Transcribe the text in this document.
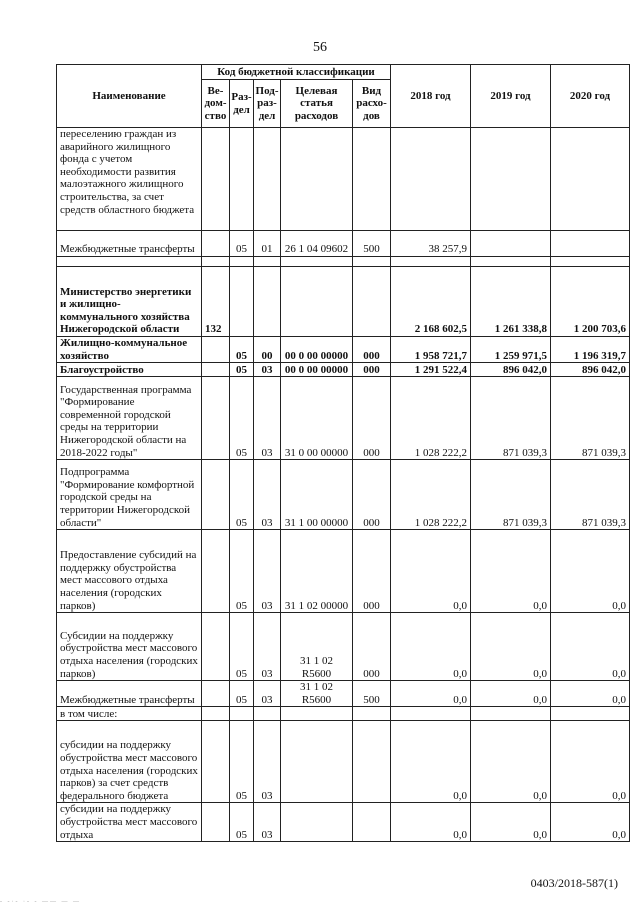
56
Наименование	Код бюджетной классификации					2018 год	2019 год	2020 год
	Ве-дом-ство	Раз-дел	Под-раз-дел	Целевая статья расходов	Вид расхо-дов			
переселению граждан из аварийного жилищного фонда с учетом необходимости развития малоэтажного жилищного строительства, за счет средств областного бюджета								
Межбюджетные трансферты		05	01	26 1 04 09602	500	38 257,9		

Министерство энергетики и жилищно-коммунального хозяйства Нижегородской области	132					2 168 602,5	1 261 338,8	1 200 703,6
Жилищно-коммунальное хозяйство		05	00	00 0 00 00000	000	1 958 721,7	1 259 971,5	1 196 319,7
Благоустройство		05	03	00 0 00 00000	000	1 291 522,4	896 042,0	896 042,0
Государственная программа "Формирование современной городской среды на территории Нижегородской области на 2018-2022 годы"		05	03	31 0 00 00000	000	1 028 222,2	871 039,3	871 039,3
Подпрограмма "Формирование комфортной городской среды на территории Нижегородской области"		05	03	31 1 00 00000	000	1 028 222,2	871 039,3	871 039,3
Предоставление субсидий на поддержку обустройства мест массового отдыха населения (городских парков)		05	03	31 1 02 00000	000	0,0	0,0	0,0
Субсидии на поддержку обустройства мест массового отдыха населения (городских парков)		05	03	31 1 02 R5600	000	0,0	0,0	0,0
Межбюджетные трансферты		05	03	31 1 02 R5600	500	0,0	0,0	0,0
в том числе:								
субсидии на поддержку обустройства мест массового отдыха населения (городских парков) за счет средств федерального бюджета		05	03			0,0	0,0	0,0
субсидии на поддержку обустройства мест массового отдыха		05	03			0,0	0,0	0,0
0403/2018-587(1)
- -·- ·- - —— — —
